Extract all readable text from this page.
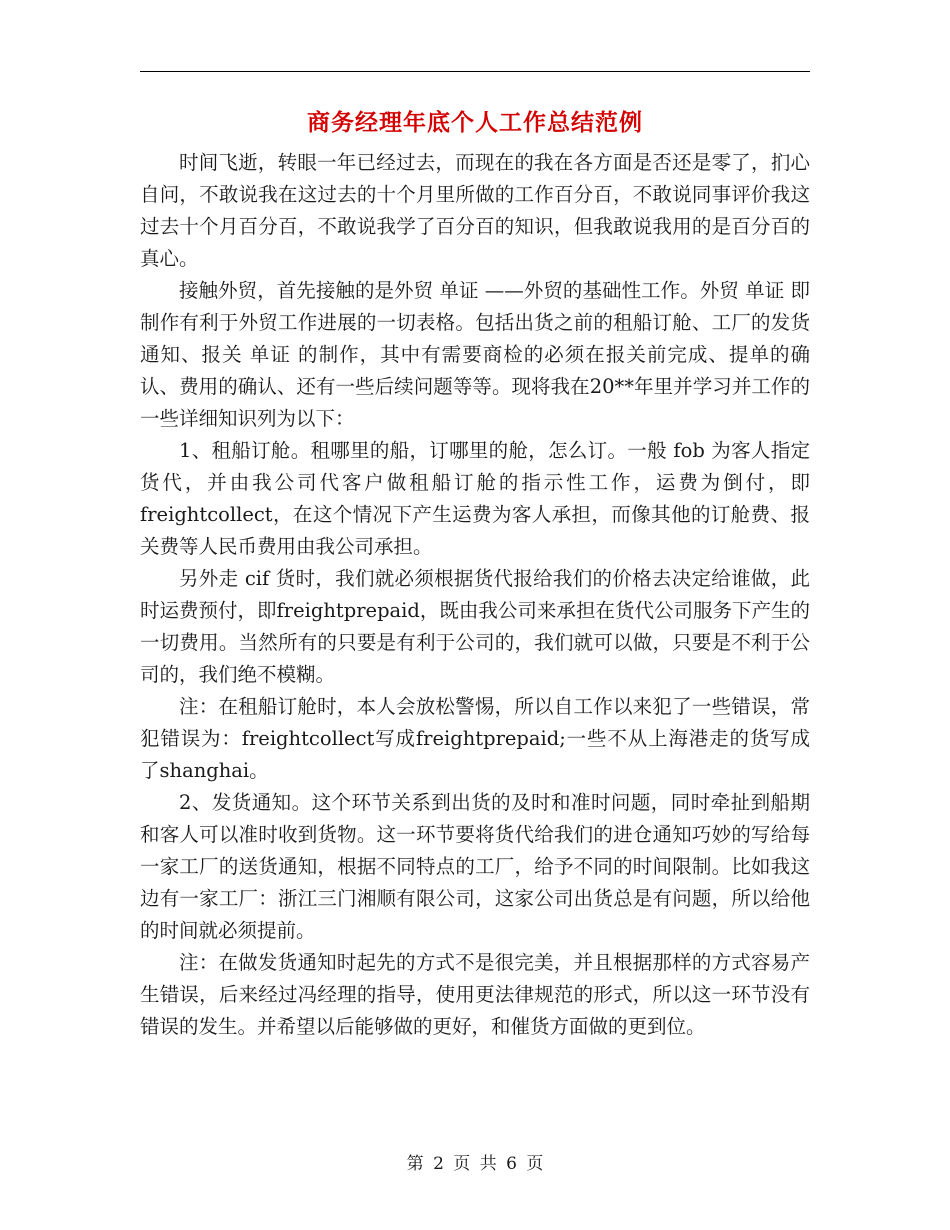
商务经理年底个人工作总结范例

时间飞逝，转眼一年已经过去，而现在的我在各方面是否还是零了，扪心自问，不敢说我在这过去的十个月里所做的工作百分百，不敢说同事评价我这过去十个月百分百，不敢说我学了百分百的知识，但我敢说我用的是百分百的真心。

接触外贸，首先接触的是外贸 单证 ——外贸的基础性工作。外贸 单证 即制作有利于外贸工作进展的一切表格。包括出货之前的租船订舱、工厂的发货通知、报关 单证 的制作，其中有需要商检的必须在报关前完成、提单的确认、费用的确认、还有一些后续问题等等。现将我在20**年里并学习并工作的一些详细知识列为以下：

1、租船订舱。租哪里的船，订哪里的舱，怎么订。一般 fob 为客人指定货代，并由我公司代客户做租船订舱的指示性工作，运费为倒付，即freightcollect，在这个情况下产生运费为客人承担，而像其他的订舱费、报关费等人民币费用由我公司承担。

另外走 cif 货时，我们就必须根据货代报给我们的价格去决定给谁做，此时运费预付，即freightprepaid，既由我公司来承担在货代公司服务下产生的一切费用。当然所有的只要是有利于公司的，我们就可以做，只要是不利于公司的，我们绝不模糊。

注：在租船订舱时，本人会放松警惕，所以自工作以来犯了一些错误，常犯错误为：freightcollect写成freightprepaid;一些不从上海港走的货写成了shanghai。

2、发货通知。这个环节关系到出货的及时和准时问题，同时牵扯到船期和客人可以准时收到货物。这一环节要将货代给我们的进仓通知巧妙的写给每一家工厂的送货通知，根据不同特点的工厂，给予不同的时间限制。比如我这边有一家工厂：浙江三门湘顺有限公司，这家公司出货总是有问题，所以给他的时间就必须提前。

注：在做发货通知时起先的方式不是很完美，并且根据那样的方式容易产生错误，后来经过冯经理的指导，使用更法律规范的形式，所以这一环节没有错误的发生。并希望以后能够做的更好，和催货方面做的更到位。

第 2 页 共 6 页
